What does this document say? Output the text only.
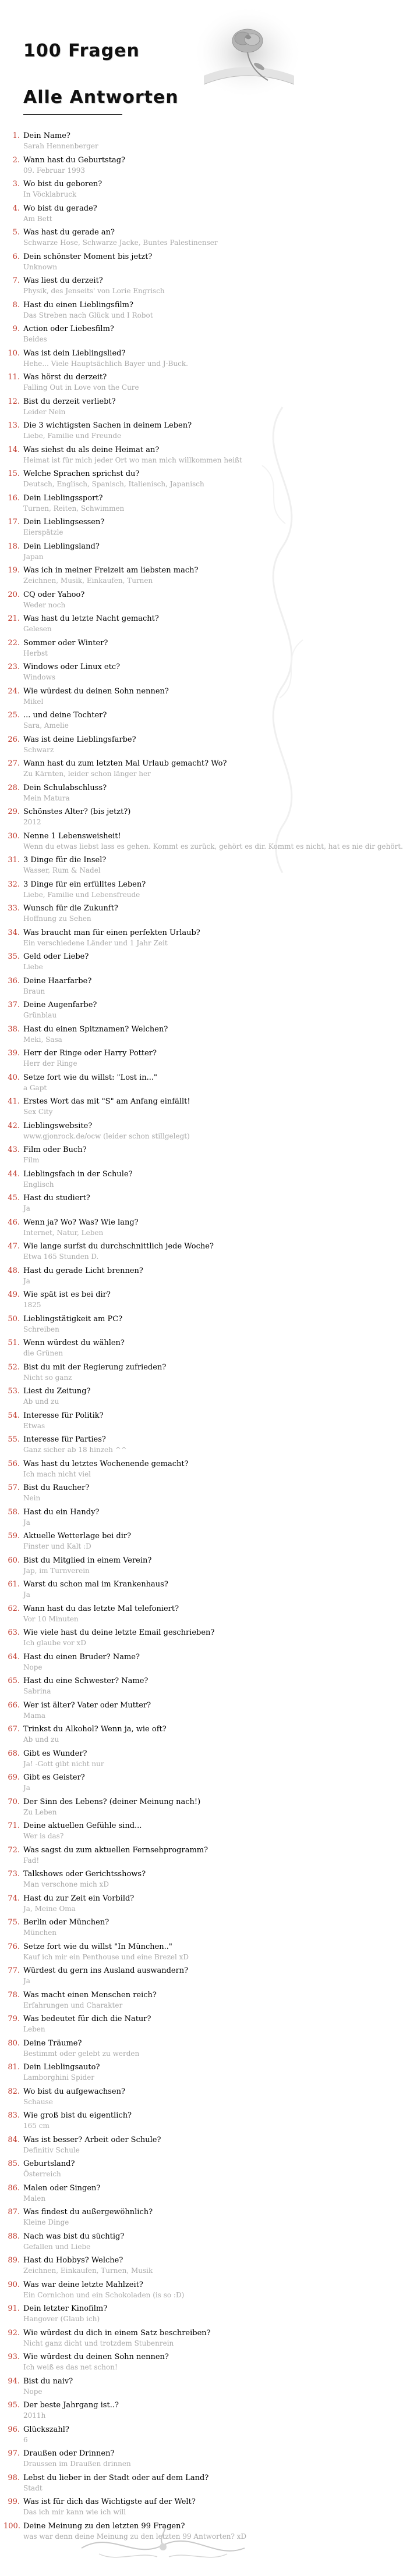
100 Fragen
Alle Antworten
1. Dein Name?
Sarah Hennenberger
2. Wann hast du Geburtstag?
09. Februar 1993
3. Wo bist du geboren?
In Vöcklabruck
4. Wo bist du gerade?
Am Bett
5. Was hast du gerade an?
Schwarze Hose, Schwarze Jacke, Buntes Palestinenser
6. Dein schönster Moment bis jetzt?
Unknown
7. Was liest du derzeit?
Physik, des Jenseits' von Lorie Engrisch
8. Hast du einen Lieblingsfilm?
Das Streben nach Glück und I Robot
9. Action oder Liebesfilm?
Beides
10. Was ist dein Lieblingslied?
Hehe... Viele Hauptsächlich Bayer und J-Buck.
11. Was hörst du derzeit?
Falling Out in Love von the Cure
12. Bist du derzeit verliebt?
Leider Nein
13. Die 3 wichtigsten Sachen in deinem Leben?
Liebe, Familie und Freunde
14. Was siehst du als deine Heimat an?
Heimat ist für mich jeder Ort wo man mich willkommen heißt
15. Welche Sprachen sprichst du?
Deutsch, Englisch, Spanisch, Italienisch, Japanisch
16. Dein Lieblingssport?
Turnen, Reiten, Schwimmen
17. Dein Lieblingsessen?
Eierspätzle
18. Dein Lieblingsland?
Japan
19. Was ich in meiner Freizeit am liebsten mach?
Zeichnen, Musik, Einkaufen, Turnen
20. CQ oder Yahoo?
Weder noch
21. Was hast du letzte Nacht gemacht?
Gelesen
22. Sommer oder Winter?
Herbst
23. Windows oder Linux etc?
Windows
24. Wie würdest du deinen Sohn nennen?
Mikel
25. ... und deine Tochter?
Sara, Amelie
26. Was ist deine Lieblingsfarbe?
Schwarz
27. Wann hast du zum letzten Mal Urlaub gemacht? Wo?
Zu Kärnten, leider schon länger her
28. Dein Schulabschluss?
Mein Matura
29. Schönstes Alter? (bis jetzt?)
2012
30. Nenne 1 Lebensweisheit!
Wenn du etwas liebst lass es gehen. Kommt es zurück, gehört es dir. Kommt es nicht, hat es nie dir gehört.
31. 3 Dinge für die Insel?
Wasser, Rum & Nadel
32. 3 Dinge für ein erfülltes Leben?
Liebe, Familie und Lebensfreude
33. Wunsch für die Zukunft?
Hoffnung zu Sehen
34. Was braucht man für einen perfekten Urlaub?
Ein verschiedene Länder und 1 Jahr Zeit
35. Geld oder Liebe?
Liebe
36. Deine Haarfarbe?
Braun
37. Deine Augenfarbe?
Grünblau
38. Hast du einen Spitznamen? Welchen?
Meki, Sasa
39. Herr der Ringe oder Harry Potter?
Herr der Ringe
40. Setze fort wie du willst: "Lost in..."
a Gapt
41. Erstes Wort das mit "S" am Anfang einfällt!
Sex City
42. Lieblingswebsite?
www.gjonrock.de/ocw (leider schon stillgelegt)
43. Film oder Buch?
Film
44. Lieblingsfach in der Schule?
Englisch
45. Hast du studiert?
Ja
46. Wenn ja? Wo? Was? Wie lang?
Internet, Natur, Leben
47. Wie lange surfst du durchschnittlich jede Woche?
Etwa 165 Stunden D.
48. Hast du gerade Licht brennen?
Ja
49. Wie spät ist es bei dir?
1825
50. Lieblingstätigkeit am PC?
Schreiben
51. Wenn würdest du wählen?
die Grünen
52. Bist du mit der Regierung zufrieden?
Nicht so ganz
53. Liest du Zeitung?
Ab und zu
54. Interesse für Politik?
Etwas
55. Interesse für Parties?
Ganz sicher ab 18 hinzeh ^^
56. Was hast du letztes Wochenende gemacht?
Ich mach nicht viel
57. Bist du Raucher?
Nein
58. Hast du ein Handy?
Ja
59. Aktuelle Wetterlage bei dir?
Finster und Kalt :D
60. Bist du Mitglied in einem Verein?
Jap, im Turnverein
61. Warst du schon mal im Krankenhaus?
Ja
62. Wann hast du das letzte Mal telefoniert?
Vor 10 Minuten
63. Wie viele hast du deine letzte Email geschrieben?
Ich glaube vor xD
64. Hast du einen Bruder? Name?
Nope
65. Hast du eine Schwester? Name?
Sabrina
66. Wer ist älter? Vater oder Mutter?
Mama
67. Trinkst du Alkohol? Wenn ja, wie oft?
Ab und zu
68. Gibt es Wunder?
Ja! -Gott gibt nicht nur
69. Gibt es Geister?
Ja
70. Der Sinn des Lebens? (deiner Meinung nach!)
Zu Leben
71. Deine aktuellen Gefühle sind...
Wer is das?
72. Was sagst du zum aktuellen Fernsehprogramm?
Fad!
73. Talkshows oder Gerichtsshows?
Man verschone mich xD
74. Hast du zur Zeit ein Vorbild?
Ja, Meine Oma
75. Berlin oder München?
München
76. Setze fort wie du willst "In München.."
Kauf ich mir ein Penthouse und eine Brezel xD
77. Würdest du gern ins Ausland auswandern?
Ja
78. Was macht einen Menschen reich?
Erfahrungen und Charakter
79. Was bedeutet für dich die Natur?
Leben
80. Deine Träume?
Bestimmt oder gelebt zu werden
81. Dein Lieblingsauto?
Lamborghini Spider
82. Wo bist du aufgewachsen?
Schause
83. Wie groß bist du eigentlich?
165 cm
84. Was ist besser? Arbeit oder Schule?
Definitiv Schule
85. Geburtsland?
Österreich
86. Malen oder Singen?
Malen
87. Was findest du außergewöhnlich?
Kleine Dinge
88. Nach was bist du süchtig?
Gefallen und Liebe
89. Hast du Hobbys? Welche?
Zeichnen, Einkaufen, Turnen, Musik
90. Was war deine letzte Mahlzeit?
Ein Cornichon und ein Schokoladen (is so :D)
91. Dein letzter Kinofilm?
Hangover (Glaub ich)
92. Wie würdest du dich in einem Satz beschreiben?
Nicht ganz dicht und trotzdem Stubenrein
93. Wie würdest du deinen Sohn nennen?
Ich weiß es das net schon!
94. Bist du naiv?
Nope
95. Der beste Jahrgang ist..?
2011h
96. Glückszahl?
6
97. Draußen oder Drinnen?
Draussen im Draußen drinnen
98. Lebst du lieber in der Stadt oder auf dem Land?
Stadt
99. Was ist für dich das Wichtigste auf der Welt?
Das ich mir kann wie ich will
100. Deine Meinung zu den letzten 99 Fragen?
was war denn deine Meinung zu den letzten 99 Antworten? xD
